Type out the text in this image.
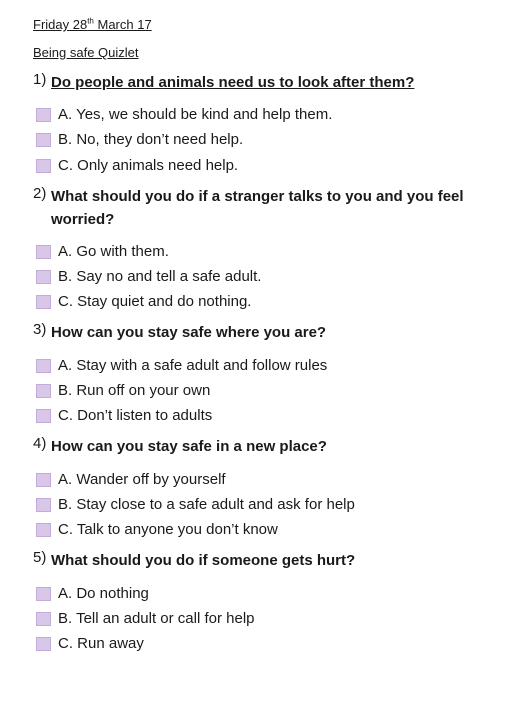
Friday 28th March 17
Being safe Quizlet
1) Do people and animals need us to look after them?
A. Yes, we should be kind and help them.
B. No, they don’t need help.
C. Only animals need help.
2) What should you do if a stranger talks to you and you feel worried?
A. Go with them.
B. Say no and tell a safe adult.
C. Stay quiet and do nothing.
3) How can you stay safe where you are?
A. Stay with a safe adult and follow rules
B. Run off on your own
C. Don’t listen to adults
4) How can you stay safe in a new place?
A. Wander off by yourself
B. Stay close to a safe adult and ask for help
C. Talk to anyone you don’t know
5) What should you do if someone gets hurt?
A. Do nothing
B. Tell an adult or call for help
C. Run away
